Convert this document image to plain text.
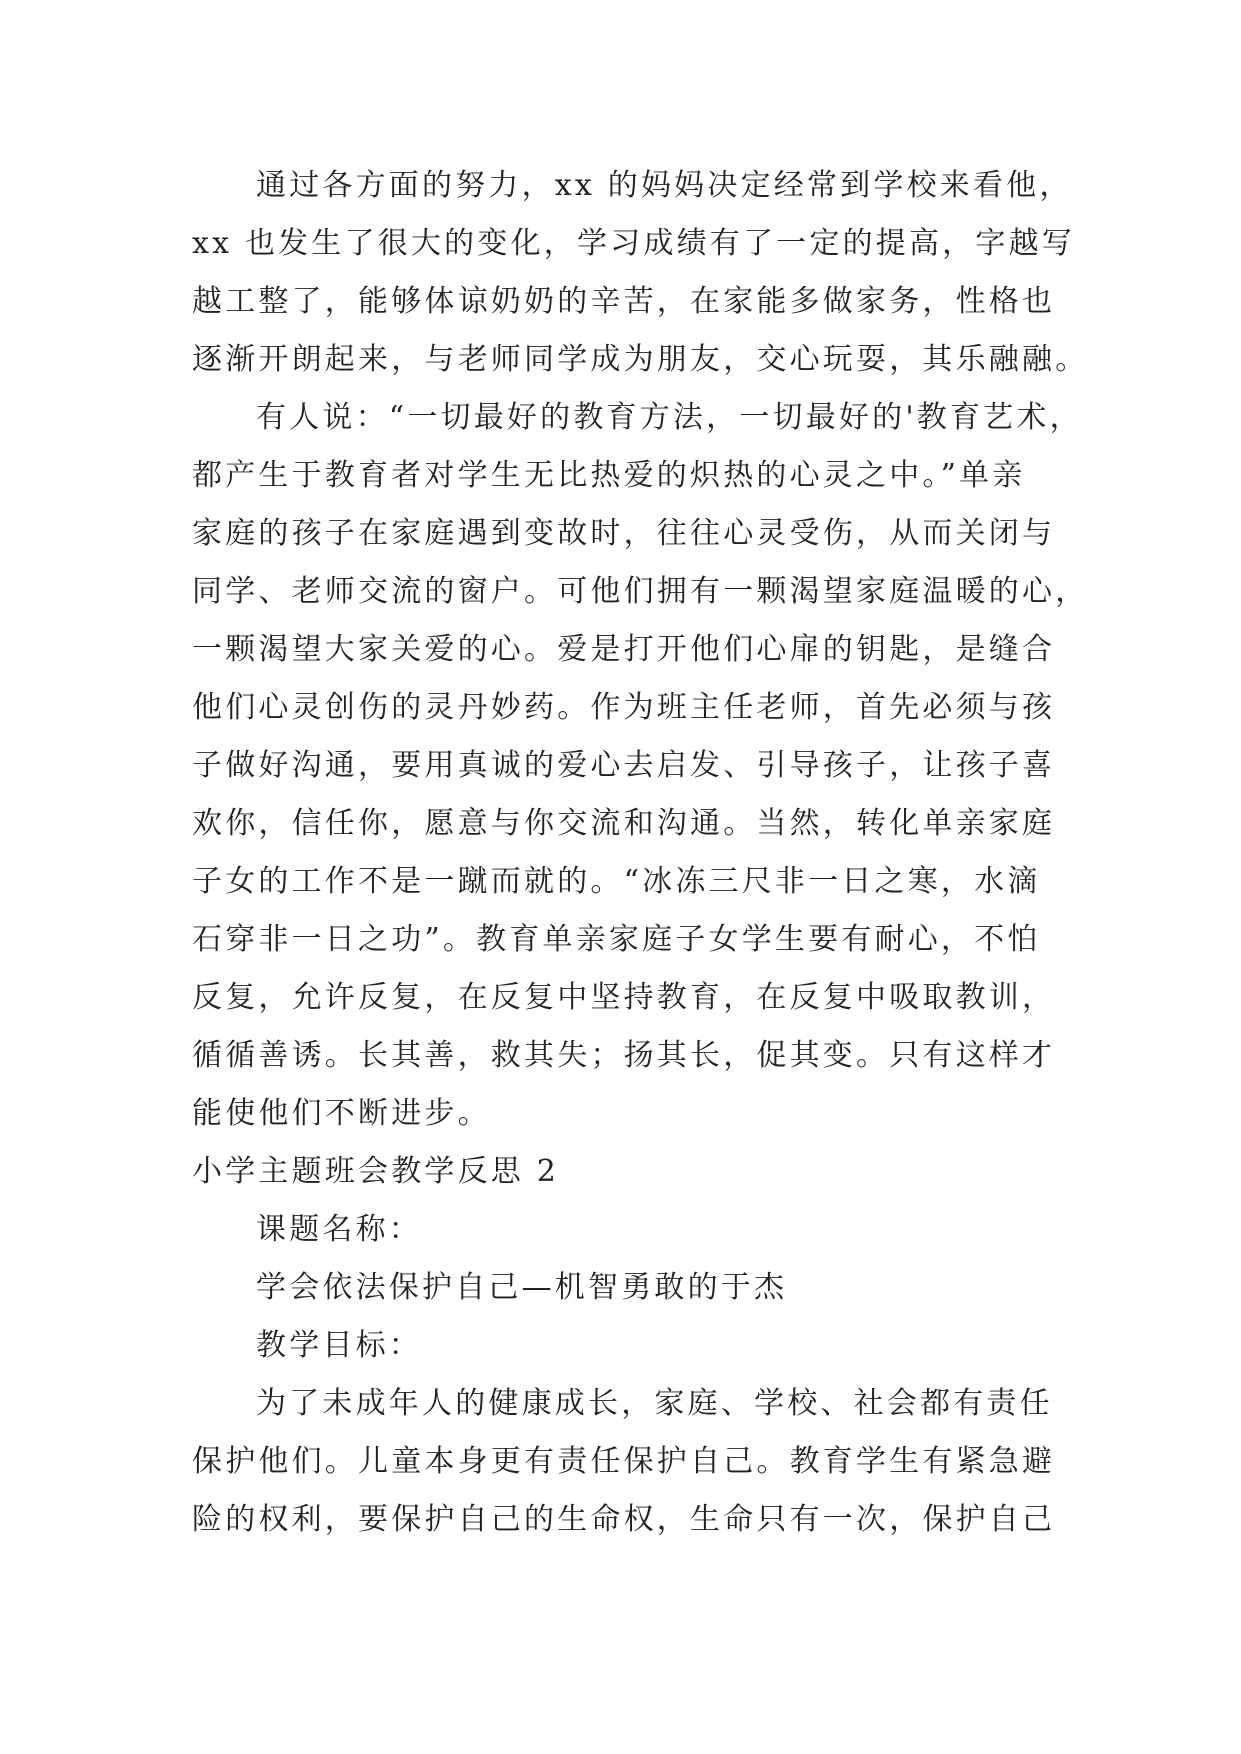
通过各方面的努力，xx 的妈妈决定经常到学校来看他，
xx 也发生了很大的变化，学习成绩有了一定的提高，字越写
越工整了，能够体谅奶奶的辛苦，在家能多做家务，性格也
逐渐开朗起来，与老师同学成为朋友，交心玩耍，其乐融融。
有人说：“一切最好的教育方法，一切最好的'教育艺术，
都产生于教育者对学生无比热爱的炽热的心灵之中。”单亲
家庭的孩子在家庭遇到变故时，往往心灵受伤，从而关闭与
同学、老师交流的窗户。可他们拥有一颗渴望家庭温暖的心，
一颗渴望大家关爱的心。爱是打开他们心扉的钥匙，是缝合
他们心灵创伤的灵丹妙药。作为班主任老师，首先必须与孩
子做好沟通，要用真诚的爱心去启发、引导孩子，让孩子喜
欢你，信任你，愿意与你交流和沟通。当然，转化单亲家庭
子女的工作不是一蹴而就的。“冰冻三尺非一日之寒，水滴
石穿非一日之功”。教育单亲家庭子女学生要有耐心，不怕
反复，允许反复，在反复中坚持教育，在反复中吸取教训，
循循善诱。长其善，救其失；扬其长，促其变。只有这样才
能使他们不断进步。
小学主题班会教学反思 2
课题名称：
学会依法保护自己—机智勇敢的于杰
教学目标：
为了未成年人的健康成长，家庭、学校、社会都有责任
保护他们。儿童本身更有责任保护自己。教育学生有紧急避
险的权利，要保护自己的生命权，生命只有一次，保护自己
